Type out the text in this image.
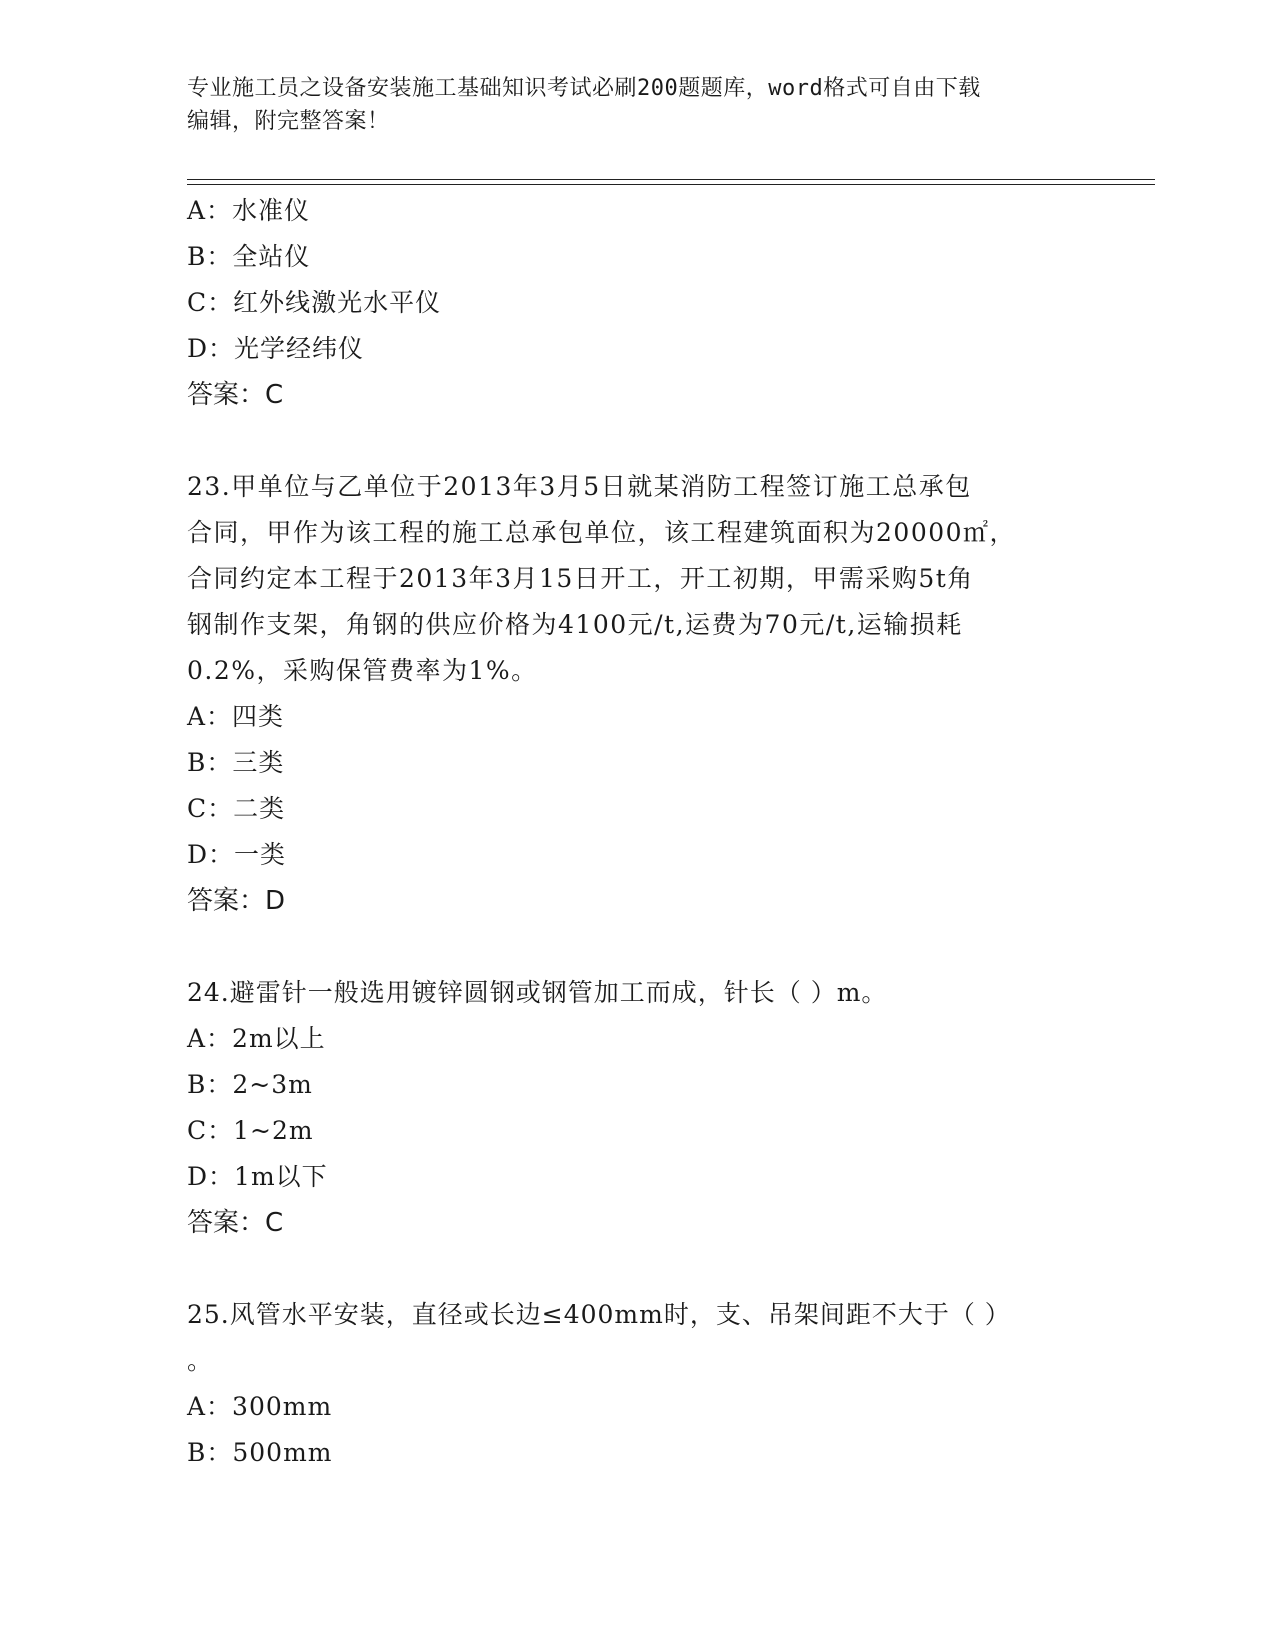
专业施工员之设备安装施工基础知识考试必刷200题题库，word格式可自由下载
编辑，附完整答案！
A：水准仪
B：全站仪
C：红外线激光水平仪
D：光学经纬仪
答案：C
23.甲单位与乙单位于2013年3月5日就某消防工程签订施工总承包
合同，甲作为该工程的施工总承包单位，该工程建筑面积为20000㎡，
合同约定本工程于2013年3月15日开工，开工初期，甲需采购5t角
钢制作支架，角钢的供应价格为4100元/t,运费为70元/t,运输损耗
0.2%，采购保管费率为1%。
A：四类
B：三类
C：二类
D：一类
答案：D
24.避雷针一般选用镀锌圆钢或钢管加工而成，针长（ ）m。
A：2m以上
B：2~3m
C：1~2m
D：1m以下
答案：C
25.风管水平安装，直径或长边≤400mm时，支、吊架间距不大于（ ）
。
A：300mm
B：500mm
